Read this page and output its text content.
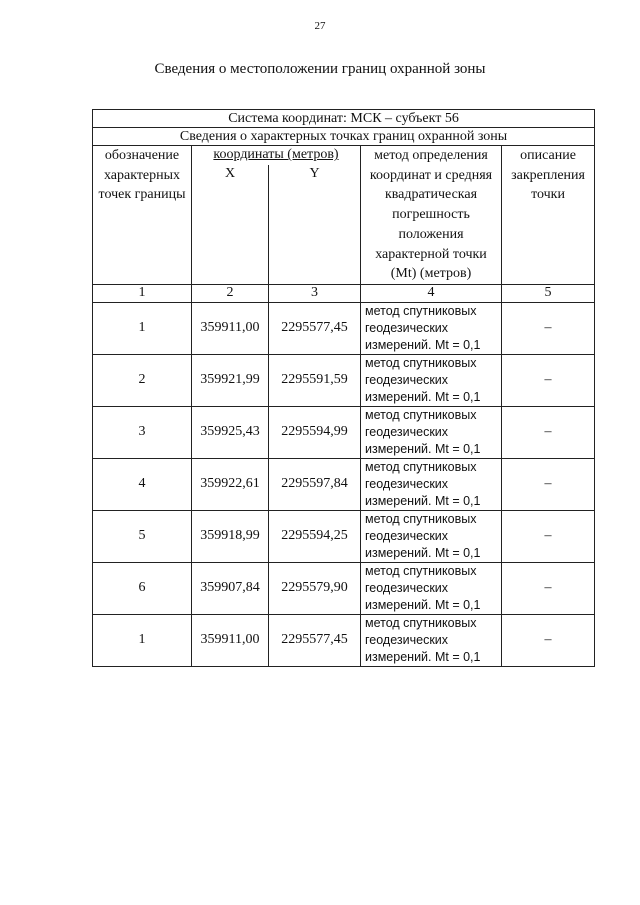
27
Сведения о местоположении границ охранной зоны
Система координат: МСК – субъект 56				
Сведения о характерных точках границ охранной зоны				
обозначение характерных точек границы	координаты (метров)		метод определения координат и средняя квадратическая погрешность положения характерной точки (Mt) (метров)	описание закрепления точки
	X	Y		
1	2	3	4	5
1	359911,00	2295577,45	метод спутниковых геодезических измерений. Mt = 0,1	–
2	359921,99	2295591,59	метод спутниковых геодезических измерений. Mt = 0,1	–
3	359925,43	2295594,99	метод спутниковых геодезических измерений. Mt = 0,1	–
4	359922,61	2295597,84	метод спутниковых геодезических измерений. Mt = 0,1	–
5	359918,99	2295594,25	метод спутниковых геодезических измерений. Mt = 0,1	–
6	359907,84	2295579,90	метод спутниковых геодезических измерений. Mt = 0,1	–
1	359911,00	2295577,45	метод спутниковых геодезических измерений. Mt = 0,1	–
